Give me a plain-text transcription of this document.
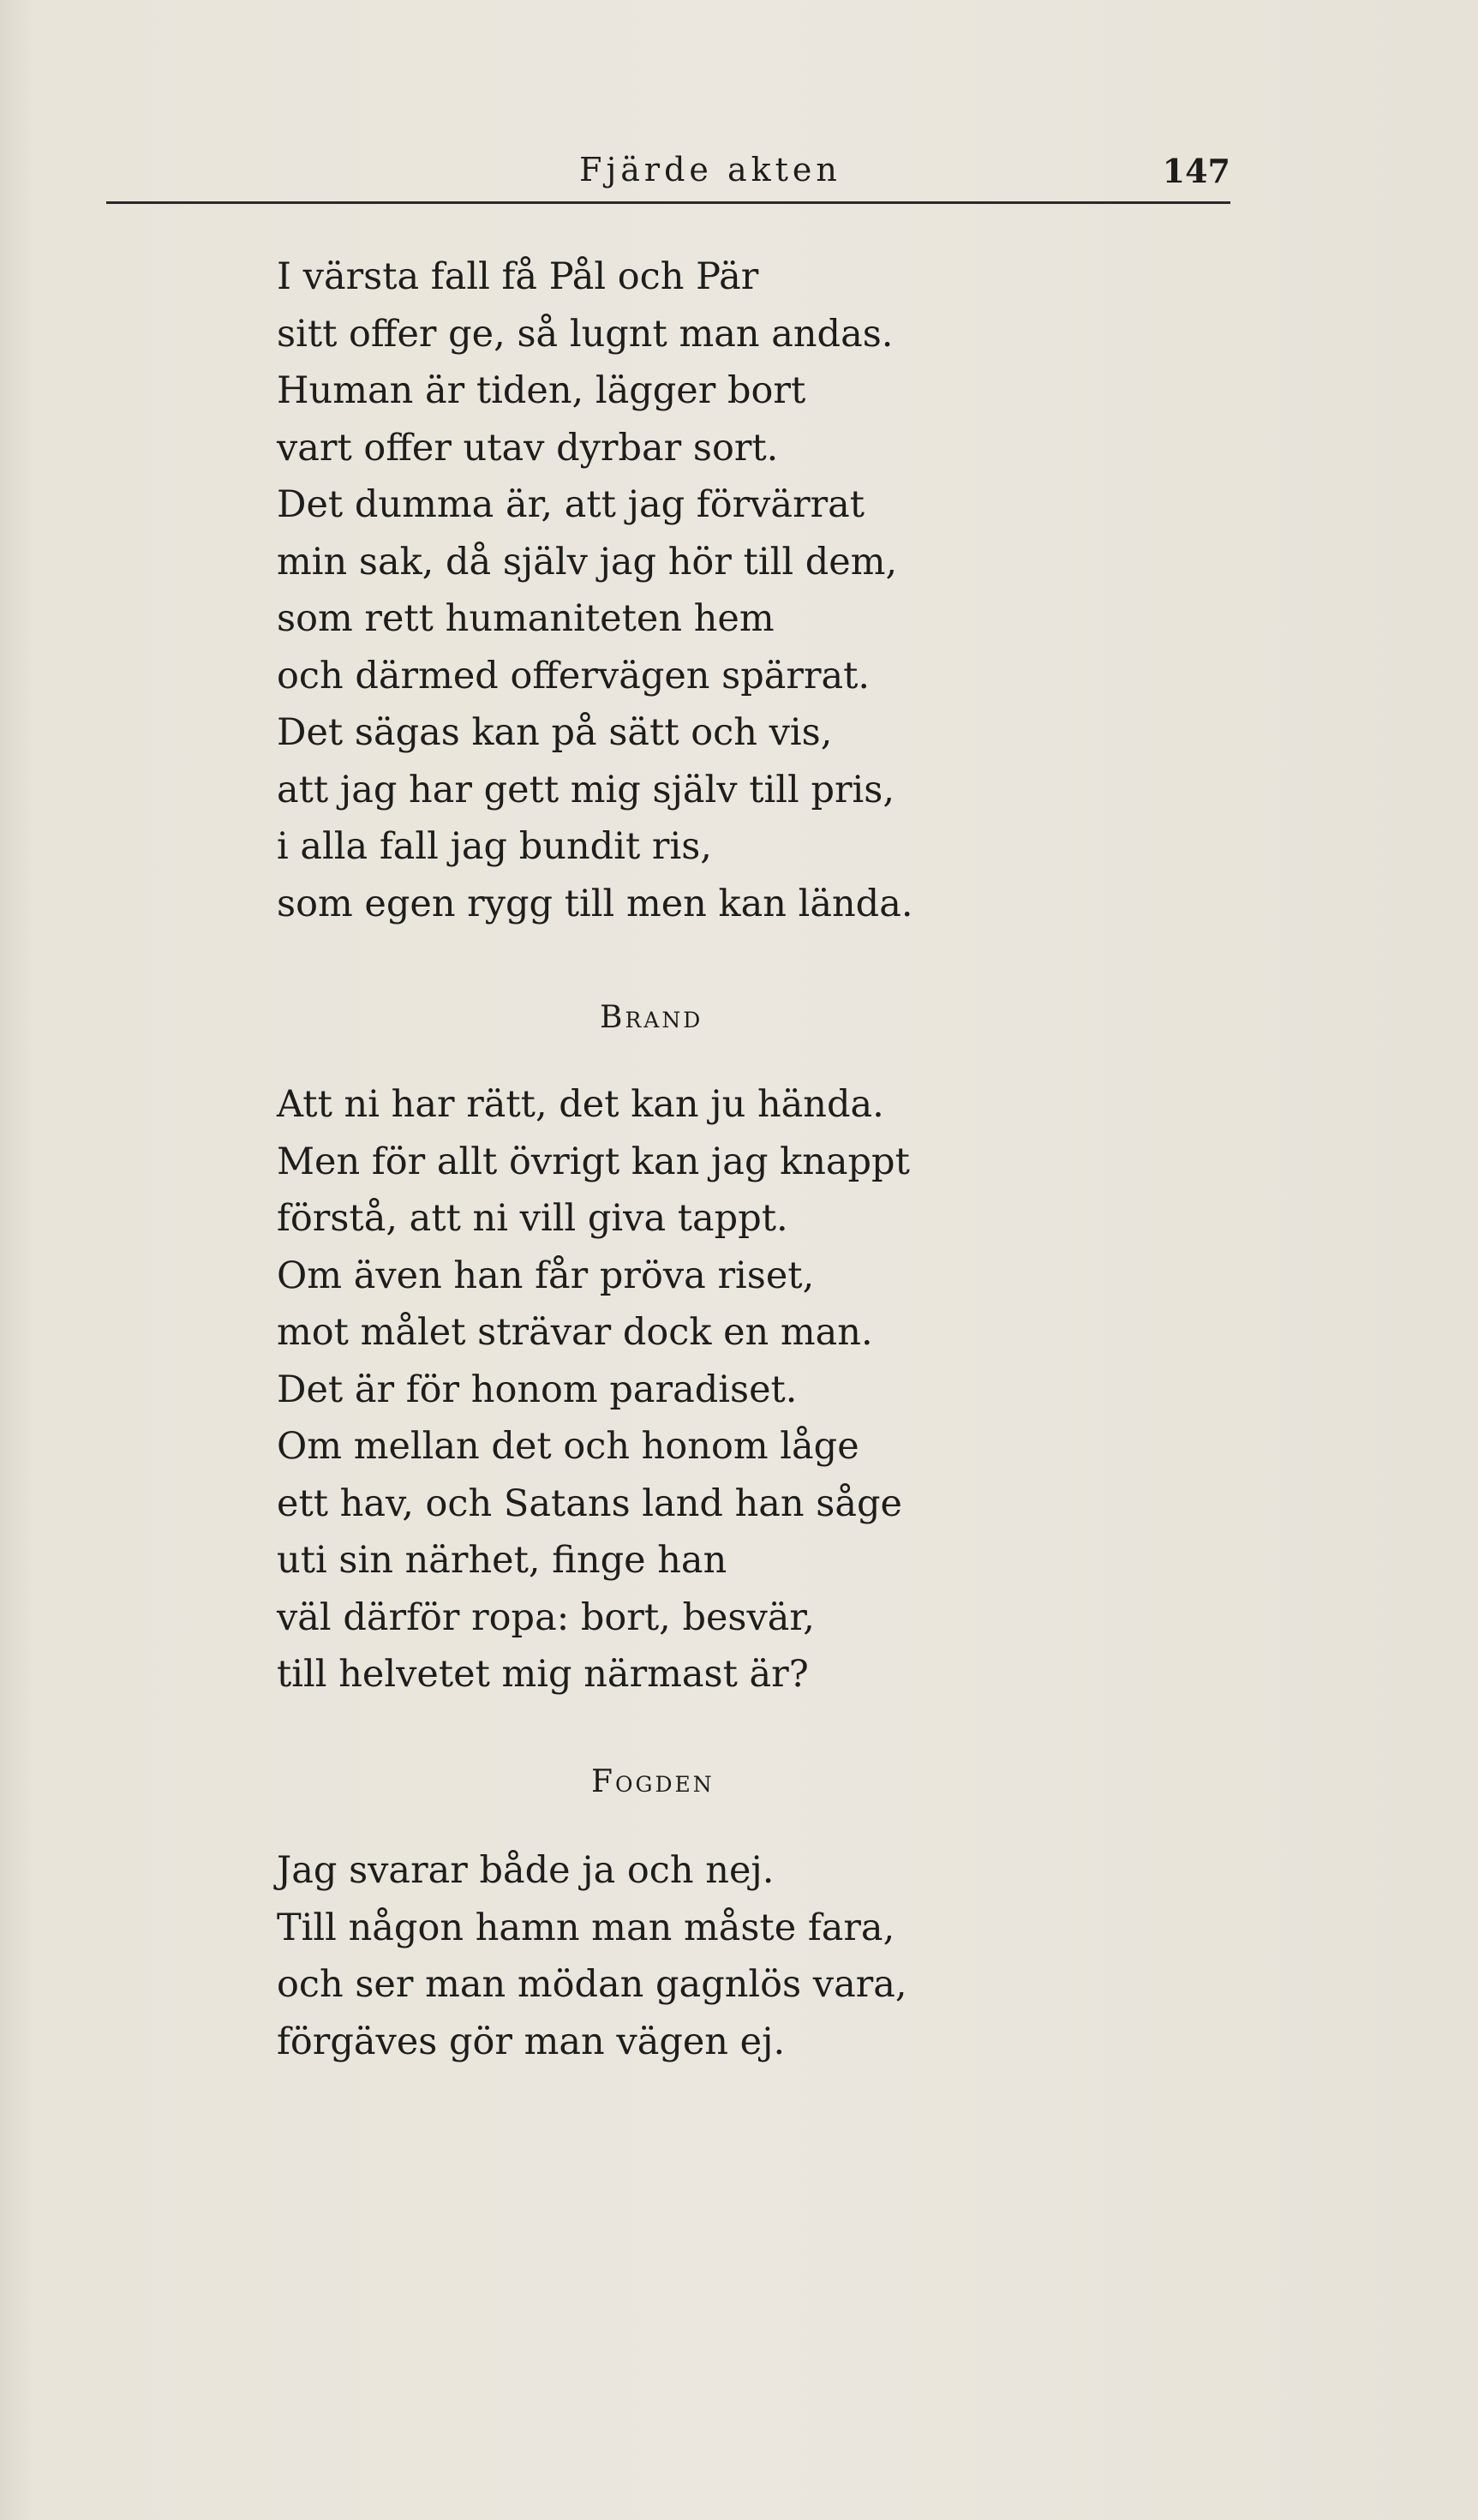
Fjärde akten	147
I värsta fall få Pål och Pär
sitt offer ge, så lugnt man andas.
Human är tiden, lägger bort
vart offer utav dyrbar sort.
Det dumma är, att jag förvärrat
min sak, då själv jag hör till dem,
som rett humaniteten hem
och därmed offervägen spärrat.
Det sägas kan på sätt och vis,
att jag har gett mig själv till pris,
i alla fall jag bundit ris,
som egen rygg till men kan lända.
Brand
Att ni har rätt, det kan ju hända.
Men för allt övrigt kan jag knappt
förstå, att ni vill giva tappt.
Om även han får pröva riset,
mot målet strävar dock en man.
Det är för honom paradiset.
Om mellan det och honom låge
ett hav, och Satans land han såge
uti sin närhet, finge han
väl därför ropa: bort, besvär,
till helvetet mig närmast är?
Fogden
Jag svarar både ja och nej.
Till någon hamn man måste fara,
och ser man mödan gagnlös vara,
förgäves gör man vägen ej.
